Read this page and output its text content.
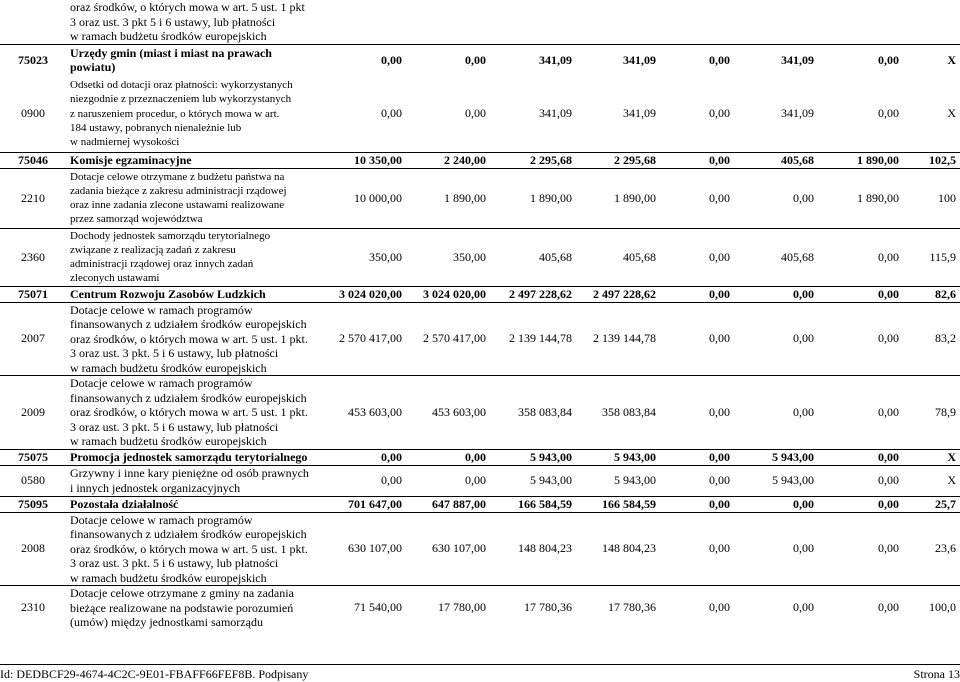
	oraz środków, o których mowa w art. 5 ust. 1 pkt
3 oraz ust. 3 pkt 5 i 6 ustawy, lub płatności
w ramach budżetu środków europejskich								

75023	Urzędy gmin (miast i miast na prawach
powiatu)	0,00	0,00	341,09	341,09	0,00	341,09	0,00	X
0900	Odsetki od dotacji oraz płatności: wykorzystanych
niezgodnie z przeznaczeniem lub wykorzystanych
z naruszeniem procedur, o których mowa w art.
184 ustawy, pobranych nienależnie lub
w nadmiernej wysokości	0,00	0,00	341,09	341,09	0,00	341,09	0,00	X
75046	Komisje egzaminacyjne	10 350,00	2 240,00	2 295,68	2 295,68	0,00	405,68	1 890,00	102,5
2210	Dotacje celowe otrzymane z budżetu państwa na
zadania bieżące z zakresu administracji rządowej
oraz inne zadania zlecone ustawami realizowane
przez samorząd województwa	10 000,00	1 890,00	1 890,00	1 890,00	0,00	0,00	1 890,00	100
2360	Dochody jednostek samorządu terytorialnego
związane z realizacją zadań z zakresu
administracji rządowej oraz innych zadań
zleconych ustawami	350,00	350,00	405,68	405,68	0,00	405,68	0,00	115,9
75071	Centrum Rozwoju Zasobów Ludzkich	3 024 020,00	3 024 020,00	2 497 228,62	2 497 228,62	0,00	0,00	0,00	82,6
2007	Dotacje celowe w ramach programów
finansowanych z udziałem środków europejskich
oraz środków, o których mowa w art. 5 ust. 1 pkt.
3 oraz ust. 3 pkt. 5 i 6 ustawy, lub płatności
w ramach budżetu środków europejskich	2 570 417,00	2 570 417,00	2 139 144,78	2 139 144,78	0,00	0,00	0,00	83,2
2009	Dotacje celowe w ramach programów
finansowanych z udziałem środków europejskich
oraz środków, o których mowa w art. 5 ust. 1 pkt.
3 oraz ust. 3 pkt. 5 i 6 ustawy, lub płatności
w ramach budżetu środków europejskich	453 603,00	453 603,00	358 083,84	358 083,84	0,00	0,00	0,00	78,9
75075	Promocja jednostek samorządu terytorialnego	0,00	0,00	5 943,00	5 943,00	0,00	5 943,00	0,00	X
0580	Grzywny i inne kary pieniężne od osób prawnych
i innych jednostek organizacyjnych	0,00	0,00	5 943,00	5 943,00	0,00	5 943,00	0,00	X
75095	Pozostała działalność	701 647,00	647 887,00	166 584,59	166 584,59	0,00	0,00	0,00	25,7
2008	Dotacje celowe w ramach programów
finansowanych z udziałem środków europejskich
oraz środków, o których mowa w art. 5 ust. 1 pkt.
3 oraz ust. 3 pkt. 5 i 6 ustawy, lub płatności
w ramach budżetu środków europejskich	630 107,00	630 107,00	148 804,23	148 804,23	0,00	0,00	0,00	23,6
2310	Dotacje celowe otrzymane z gminy na zadania
bieżące realizowane na podstawie porozumień
(umów) między jednostkami samorządu	71 540,00	17 780,00	17 780,36	17 780,36	0,00	0,00	0,00	100,0
Id: DEDBCF29-4674-4C2C-9E01-FBAFF66FEF8B. Podpisany	Strona 13
